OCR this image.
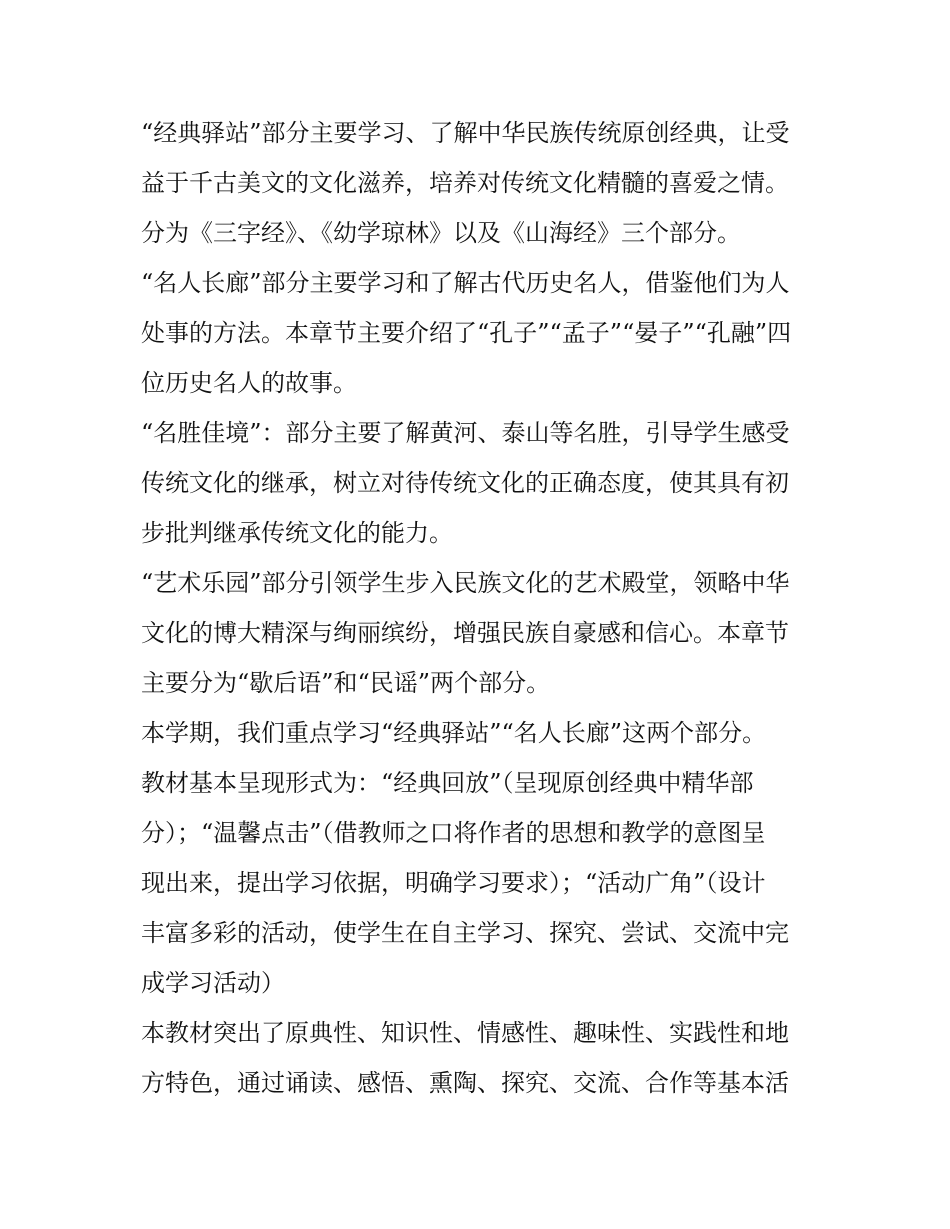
“经典驿站”部分主要学习、了解中华民族传统原创经典，让受
益于千古美文的文化滋养，培养对传统文化精髓的喜爱之情。
分为《三字经》、《幼学琼林》以及《山海经》三个部分。
“名人长廊”部分主要学习和了解古代历史名人，借鉴他们为人
处事的方法。本章节主要介绍了“孔子”“孟子”“晏子”“孔融”四
位历史名人的故事。
“名胜佳境”：部分主要了解黄河、泰山等名胜，引导学生感受
传统文化的继承，树立对待传统文化的正确态度，使其具有初
步批判继承传统文化的能力。
“艺术乐园”部分引领学生步入民族文化的艺术殿堂，领略中华
文化的博大精深与绚丽缤纷，增强民族自豪感和信心。本章节
主要分为“歇后语”和“民谣”两个部分。
本学期，我们重点学习“经典驿站”“名人长廊”这两个部分。
教材基本呈现形式为：“经典回放”（呈现原创经典中精华部
分）；“温馨点击”（借教师之口将作者的思想和教学的意图呈
现出来，提出学习依据，明确学习要求）；“活动广角”（设计
丰富多彩的活动，使学生在自主学习、探究、尝试、交流中完
成学习活动）
本教材突出了原典性、知识性、情感性、趣味性、实践性和地
方特色，通过诵读、感悟、熏陶、探究、交流、合作等基本活
